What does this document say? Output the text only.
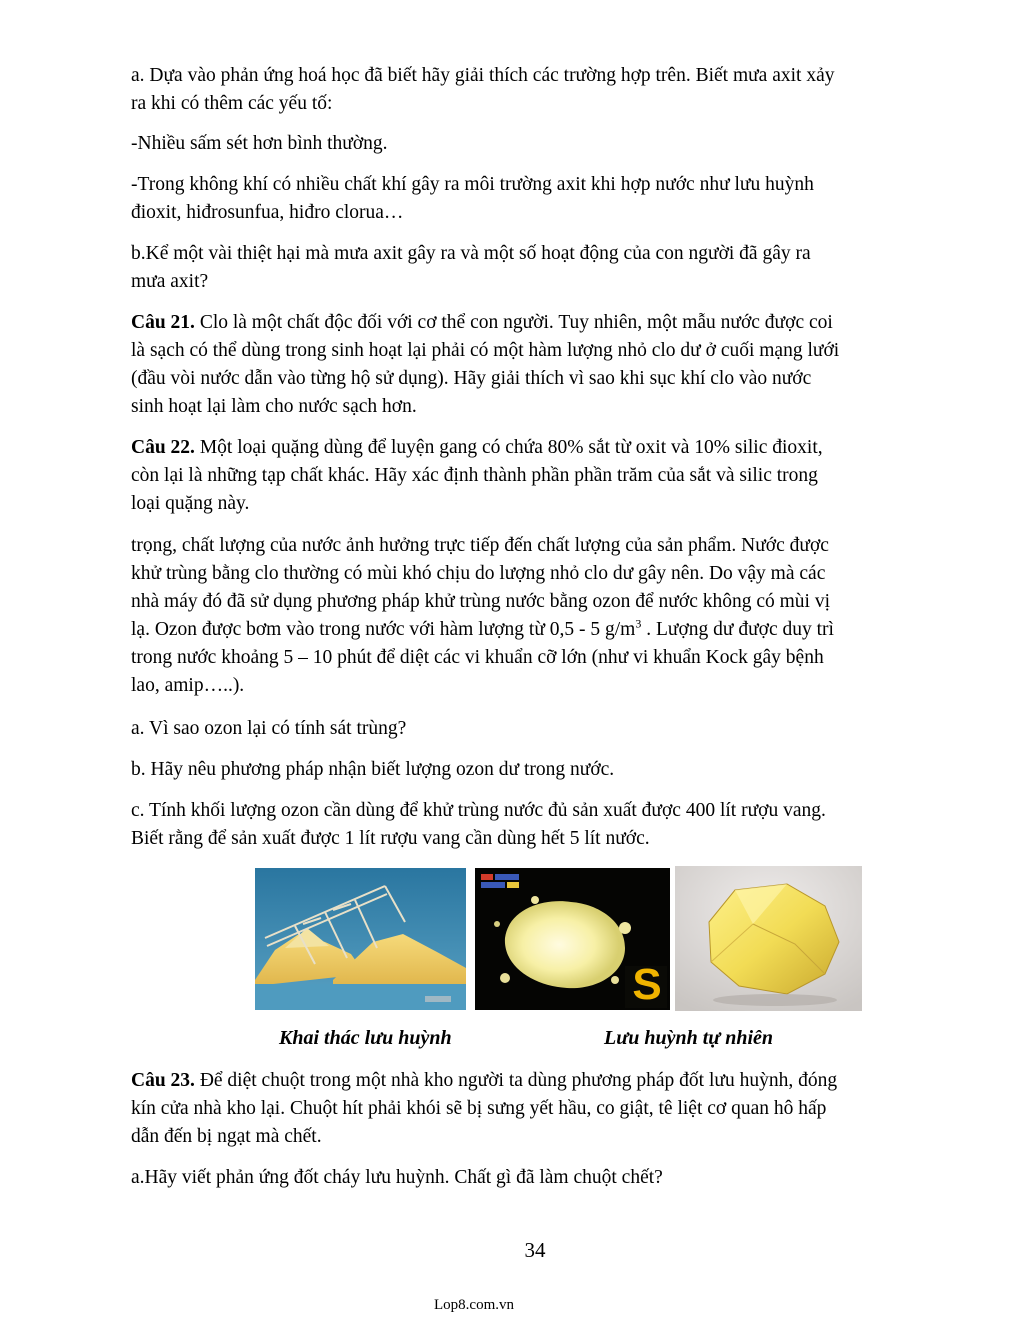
a. Dựa vào phản ứng hoá học đã biết hãy giải thích các trường hợp trên. Biết mưa axit xảy
ra khi có thêm các yếu tố:

-Nhiều sấm sét hơn bình thường.

-Trong không khí có nhiều chất khí gây ra môi trường axit khi hợp nước như lưu huỳnh
đioxit, hiđrosunfua, hiđro clorua…

b.Kể một vài thiệt hại mà mưa axit gây ra và một số hoạt động của con người đã gây ra
mưa axit?

Câu 21. Clo là một chất độc đối với cơ thể con người. Tuy nhiên, một mẫu nước được coi
là sạch có thể dùng trong sinh hoạt lại phải có một hàm lượng nhỏ clo dư ở cuối mạng lưới
(đầu vòi nước dẫn vào từng hộ sử dụng). Hãy giải thích vì sao khi sục khí clo vào nước
sinh hoạt lại làm cho nước sạch hơn.

Câu 22. Một loại quặng dùng để luyện gang có chứa 80% sắt từ oxit và 10% silic đioxit,
còn lại là những tạp chất khác. Hãy xác định thành phần phần trăm của sắt và silic trong
loại quặng này.

trọng, chất lượng của nước ảnh hưởng trực tiếp đến chất lượng của sản phẩm. Nước được
khử trùng bằng clo thường có mùi khó chịu do lượng nhỏ clo dư gây nên. Do vậy mà các
nhà máy đó đã sử dụng phương pháp khử trùng nước bằng ozon để nước không có mùi vị
lạ. Ozon được bơm vào trong nước với hàm lượng từ 0,5 - 5 $g/m^3$ . Lượng dư được duy trì
trong nước khoảng 5 – 10 phút để diệt các vi khuẩn cỡ lớn (như vi khuẩn Kock gây bệnh
lao, amip…..).

a. Vì sao ozon lại có tính sát trùng?

b. Hãy nêu phương pháp nhận biết lượng ozon dư trong nước.

c. Tính khối lượng ozon cần dùng để khử trùng nước đủ sản xuất được 400 lít rượu vang.
Biết rằng để sản xuất được 1 lít rượu vang cần dùng hết 5 lít nước.

S
Khai thác lưu huỳnh	Lưu huỳnh tự nhiên

Câu 23. Để diệt chuột trong một nhà kho người ta dùng phương pháp đốt lưu huỳnh, đóng
kín cửa nhà kho lại. Chuột hít phải khói sẽ bị sưng yết hầu, co giật, tê liệt cơ quan hô hấp
dẫn đến bị ngạt mà chết.

a.Hãy viết phản ứng đốt cháy lưu huỳnh. Chất gì đã làm chuột chết?

34
Lop8.com.vn
